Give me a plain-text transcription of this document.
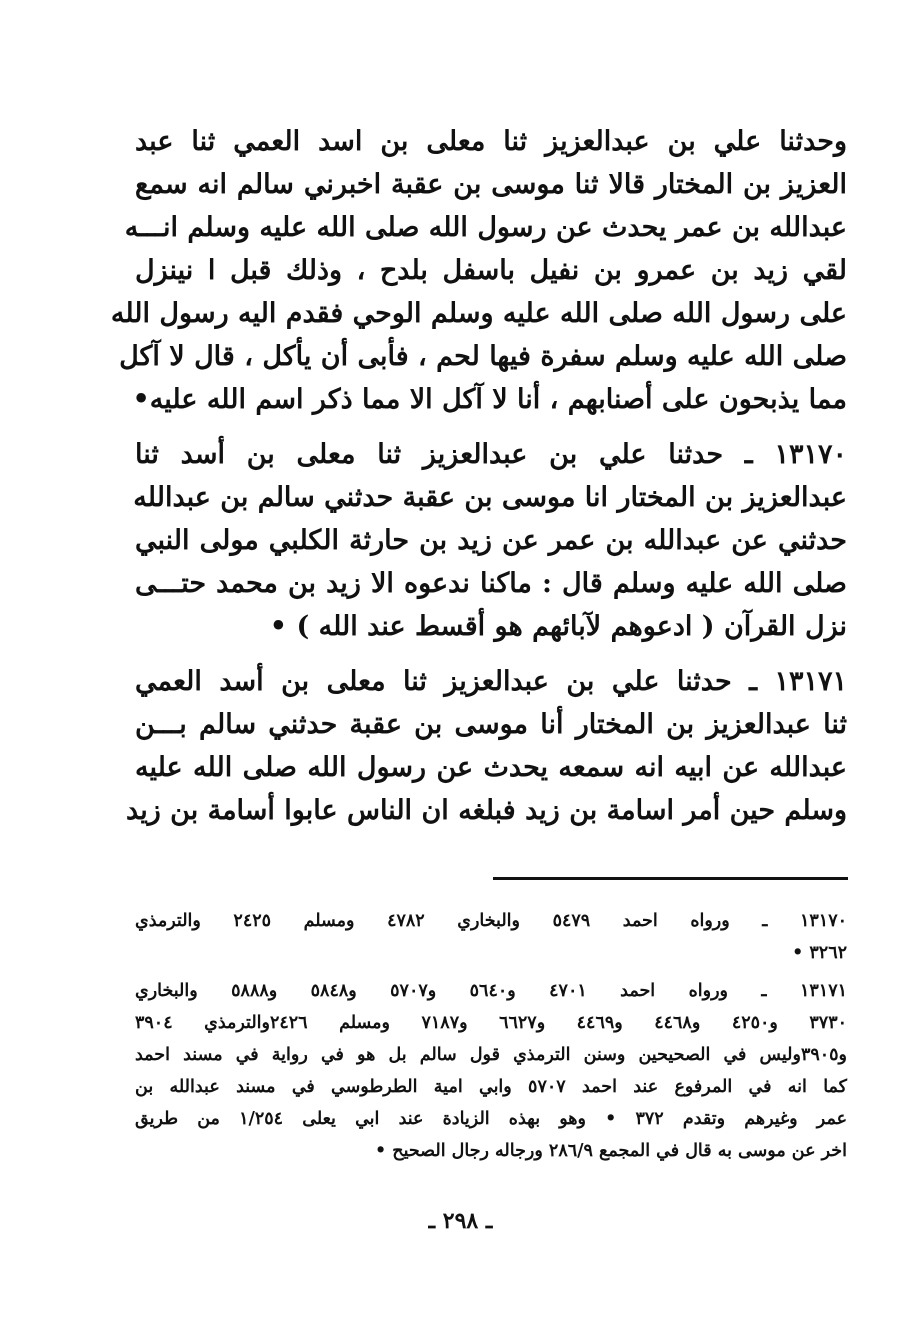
وحدثنا علي بن عبدالعزيز ثنا معلى بن اسد العمي ثنا عبد
العزيز بن المختار قالا ثنا موسى بن عقبة اخبرني سالم انه سمع
عبدالله بن عمر يحدث عن رسول الله صلى الله عليه وسلم انـــه
لقي زيد بن عمرو بن نفيل باسفل بلدح ، وذلك قبل ا نينزل
على رسول الله صلى الله عليه وسلم الوحي فقدم اليه رسول الله
صلى الله عليه وسلم سفرة فيها لحم ، فأبى أن يأكل ، قال لا آكل
مما يذبحون على أصنابهم ، أنا لا آكل الا مما ذكر اسم الله عليه•

١٣١٧٠ ـ حدثنا علي بن عبدالعزيز ثنا معلى بن أسد ثنا
عبدالعزيز بن المختار انا موسى بن عقبة حدثني سالم بن عبدالله
حدثني عن عبدالله بن عمر عن زيد بن حارثة الكلبي مولى النبي
صلى الله عليه وسلم قال : ماكنا ندعوه الا زيد بن محمد حتـــى
نزل القرآن ( ادعوهم لآبائهم هو أقسط عند الله ) •

١٣١٧١ ـ حدثنا علي بن عبدالعزيز ثنا معلى بن أسد العمي
ثنا عبدالعزيز بن المختار أنا موسى بن عقبة حدثني سالم بـــن
عبدالله عن ابيه انه سمعه يحدث عن رسول الله صلى الله عليه
وسلم حين أمر اسامة بن زيد فبلغه ان الناس عابوا أسامة بن زيد

١٣١٧٠ ـ ورواه احمد ٥٤٧٩ والبخاري ٤٧٨٢ ومسلم ٢٤٢٥ والترمذي
٣٢٦٢ •

١٣١٧١ ـ ورواه احمد ٤٧٠١ و٥٦٤٠ و٥٧٠٧ و٥٨٤٨ و٥٨٨٨ والبخاري
٣٧٣٠ و٤٢٥٠ و٤٤٦٨ و٤٤٦٩ و٦٦٢٧ و٧١٨٧ ومسلم ٢٤٢٦والترمذي ٣٩٠٤
و٣٩٠٥وليس في الصحيحين وسنن الترمذي قول سالم بل هو في رواية في مسند احمد
كما انه في المرفوع عند احمد ٥٧٠٧ وابي امية الطرطوسي في مسند عبدالله بن
عمر وغيرهم وتقدم ٣٧٢ • وهو بهذه الزيادة عند ابي يعلى ١/٢٥٤ من طريق
اخر عن موسى به قال في المجمع ٢٨٦/٩ ورجاله رجال الصحيح •

ـ ٢٩٨ ـ
